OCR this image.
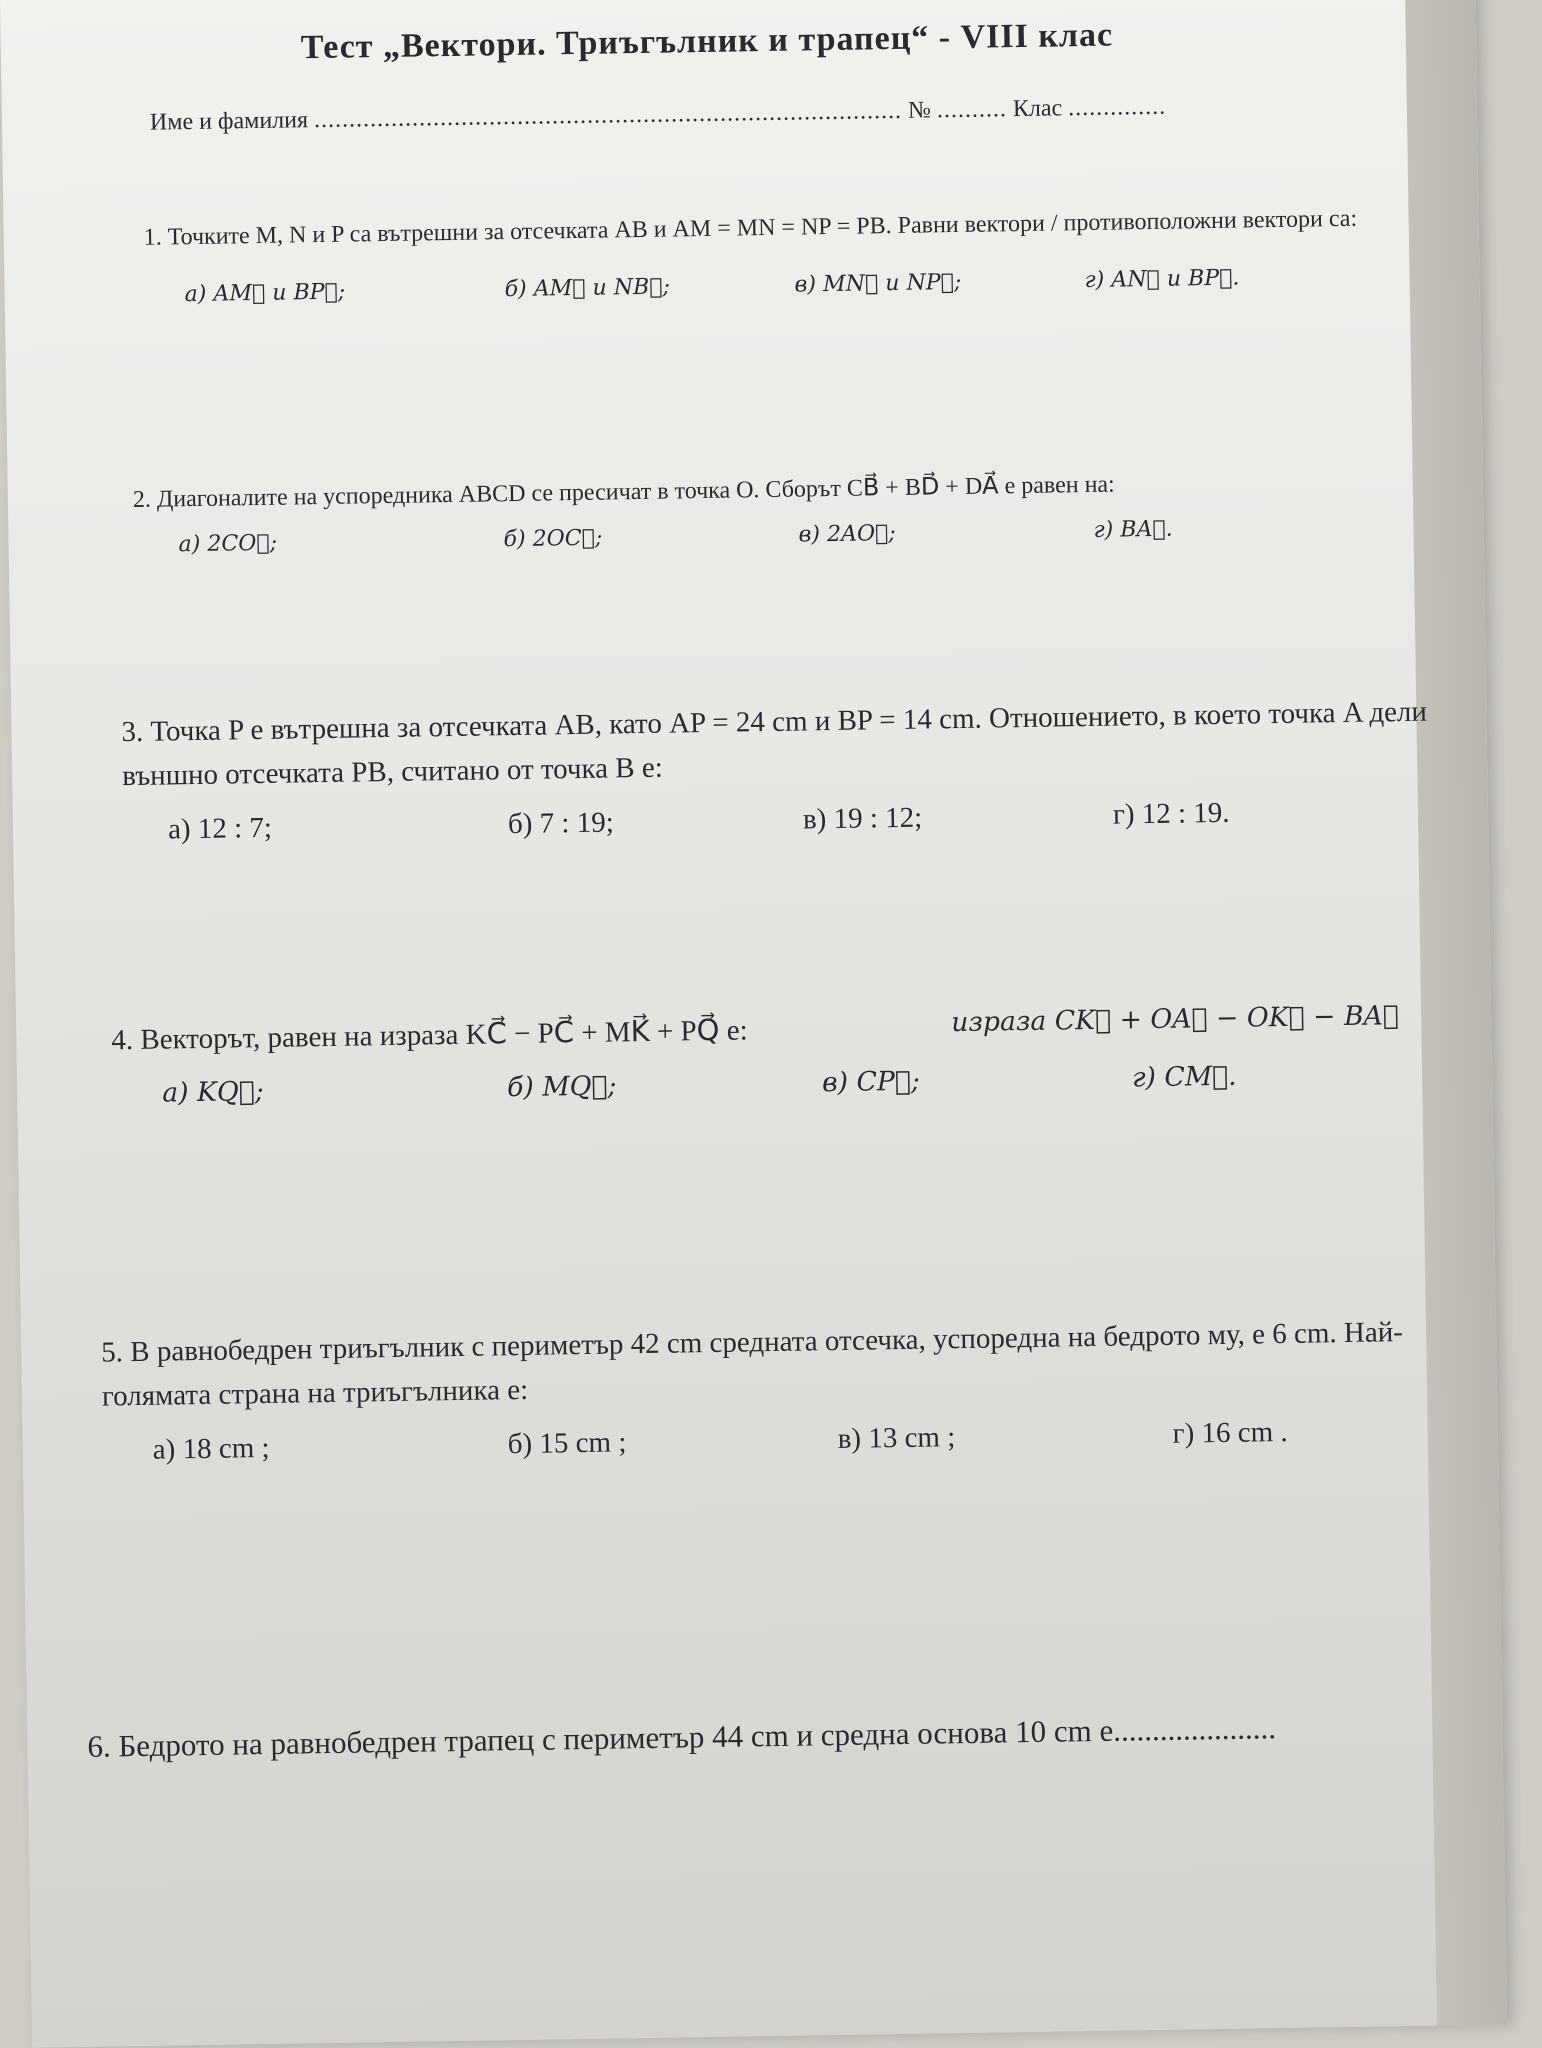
Тест „Вектори. Триъгълник и трапец“ - VIII клас
Име и фамилия .................................................................................... № .......... Клас ..............
1. Точките M, N и P са вътрешни за отсечката AB и AM = MN = NP = PB. Равни вектори / противоположни вектори са:
а) AM⃗ и BP⃗;	б) AM⃗ и NB⃗;	в) MN⃗ и NP⃗;	г) AN⃗ и BP⃗.
2. Диагоналите на успоредника ABCD се пресичат в точка O. Сборът CB⃗ + BD⃗ + DA⃗ е равен на:
а) 2CO⃗;	б) 2OC⃗;	в) 2AO⃗;	г) BA⃗.
3. Точка P е вътрешна за отсечката AB, като AP = 24 cm и BP = 14 cm. Отношението, в което точка A дели външно отсечката PB, считано от точка B е:
а) 12 : 7;	б) 7 : 19;	в) 19 : 12;	г) 12 : 19.
4. Векторът, равен на израза KC⃗ − PC⃗ + MK⃗ + PQ⃗ е:	израза CK⃗ + OA⃗ − OK⃗ − BA⃗
а) KQ⃗;	б) MQ⃗;	в) CP⃗;	г) CM⃗.
5. В равнобедрен триъгълник с периметър 42 cm средната отсечка, успоредна на бедрото му, е 6 cm. Най-голямата страна на триъгълника е:
а) 18 cm ;	б) 15 cm ;	в) 13 cm ;	г) 16 cm .
6. Бедрото на равнобедрен трапец с периметър 44 cm и средна основа 10 cm е.....................
